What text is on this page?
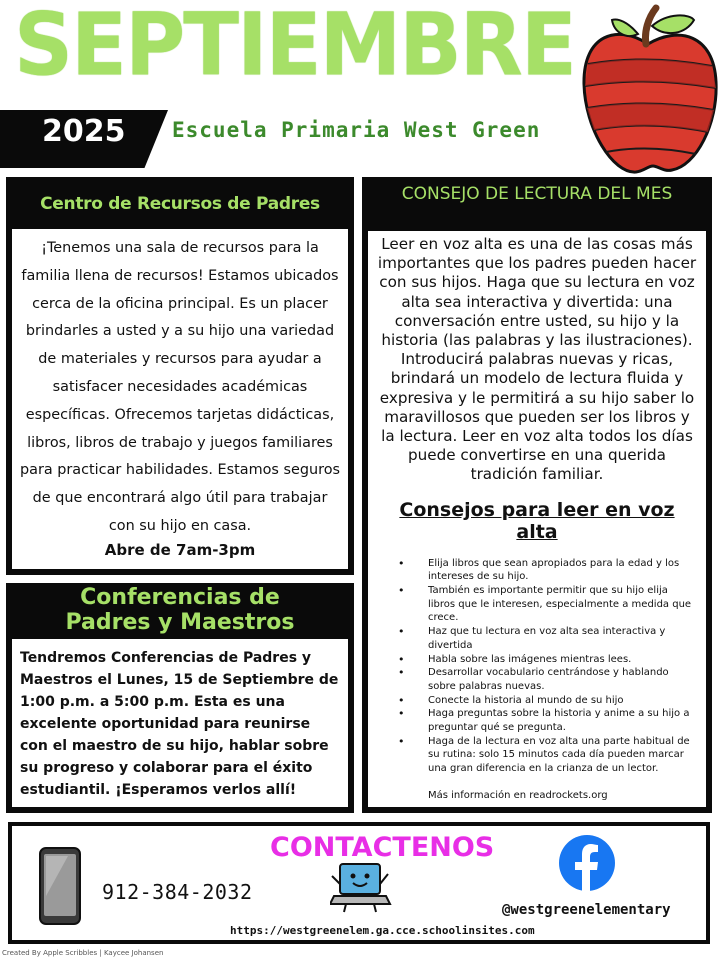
SEPTIEMBRE
2025 Escuela Primaria West Green
Centro de Recursos de Padres
¡Tenemos una sala de recursos para la familia llena de recursos! Estamos ubicados cerca de la oficina principal. Es un placer brindarles a usted y a su hijo una variedad de materiales y recursos para ayudar a satisfacer necesidades académicas específicas. Ofrecemos tarjetas didácticas, libros, libros de trabajo y juegos familiares para practicar habilidades. Estamos seguros de que encontrará algo útil para trabajar con su hijo en casa.
Abre de 7am-3pm
Conferencias de Padres y Maestros
Tendremos Conferencias de Padres y Maestros el Lunes, 15 de Septiembre de 1:00 p.m. a 5:00 p.m. Esta es una excelente oportunidad para reunirse con el maestro de su hijo, hablar sobre su progreso y colaborar para el éxito estudiantil. ¡Esperamos verlos allí!
CONSEJO DE LECTURA DEL MES
Leer en voz alta es una de las cosas más importantes que los padres pueden hacer con sus hijos. Haga que su lectura en voz alta sea interactiva y divertida: una conversación entre usted, su hijo y la historia (las palabras y las ilustraciones). Introducirá palabras nuevas y ricas, brindará un modelo de lectura fluida y expresiva y le permitirá a su hijo saber lo maravillosos que pueden ser los libros y la lectura. Leer en voz alta todos los días puede convertirse en una querida tradición familiar.
Consejos para leer en voz alta
• Elija libros que sean apropiados para la edad y los intereses de su hijo.
• También es importante permitir que su hijo elija libros que le interesen, especialmente a medida que crece.
• Haz que tu lectura en voz alta sea interactiva y divertida
• Habla sobre las imágenes mientras lees.
• Desarrollar vocabulario centrándose y hablando sobre palabras nuevas.
• Conecte la historia al mundo de su hijo
• Haga preguntas sobre la historia y anime a su hijo a preguntar qué se pregunta.
• Haga de la lectura en voz alta una parte habitual de su rutina: solo 15 minutos cada día pueden marcar una gran diferencia en la crianza de un lector.
Más información en readrockets.org
CONTACTENOS
912-384-2032
@westgreenelementary
https://westgreenelem.ga.cce.schoolinsites.com
Created By Apple Scribbles | Kaycee Johansen
